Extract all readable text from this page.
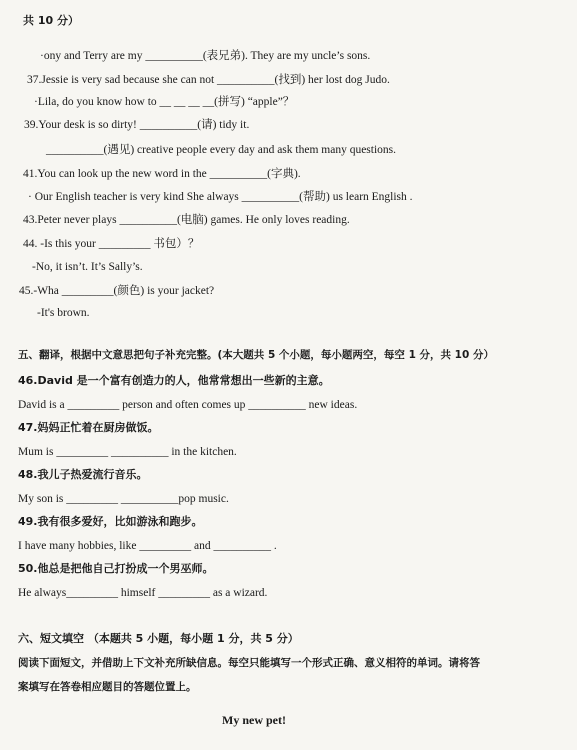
共 10 分）
·ony and Terry are my __________(表兄弟). They are my uncle’s sons.
37.Jessie is very sad because she can not __________(找到) her lost dog Judo.
·Lila, do you know how to __ __ __ __(拼写) “apple”？
39.Your desk is so dirty! __________(请) tidy it.
__________(遇见) creative people every day and ask them many questions.
41.You can look up the new word in the __________(字典).
· Our English teacher is very kind She always __________(帮助) us learn English .
43.Peter never plays __________(电脑) games. He only loves reading.
44. -Is this your _________ 书包）？
-No, it isn’t. It’s Sally’s.
45.-Wha _________(颜色) is your jacket?
-It's brown.
五、翻译，根据中文意思把句子补充完整。(本大题共 5 个小题，每小题两空，每空 1 分，共 10 分）
46.David 是一个富有创造力的人，他常常想出一些新的主意。
David is a _________ person and often comes up __________ new ideas.
47.妈妈正忙着在厨房做饭。
Mum is _________ __________ in the kitchen.
48.我儿子热爱流行音乐。
My son is _________ __________pop music.
49.我有很多爱好，比如游泳和跑步。
I have many hobbies, like _________ and __________ .
50.他总是把他自己打扮成一个男巫师。
He always_________ himself _________ as a wizard.
六、短文填空 （本题共 5 小题，每小题 1 分，共 5 分）
阅读下面短文，并借助上下文补充所缺信息。每空只能填写一个形式正确、意义相符的单词。请将答
案填写在答卷相应题目的答题位置上。
My new pet!
